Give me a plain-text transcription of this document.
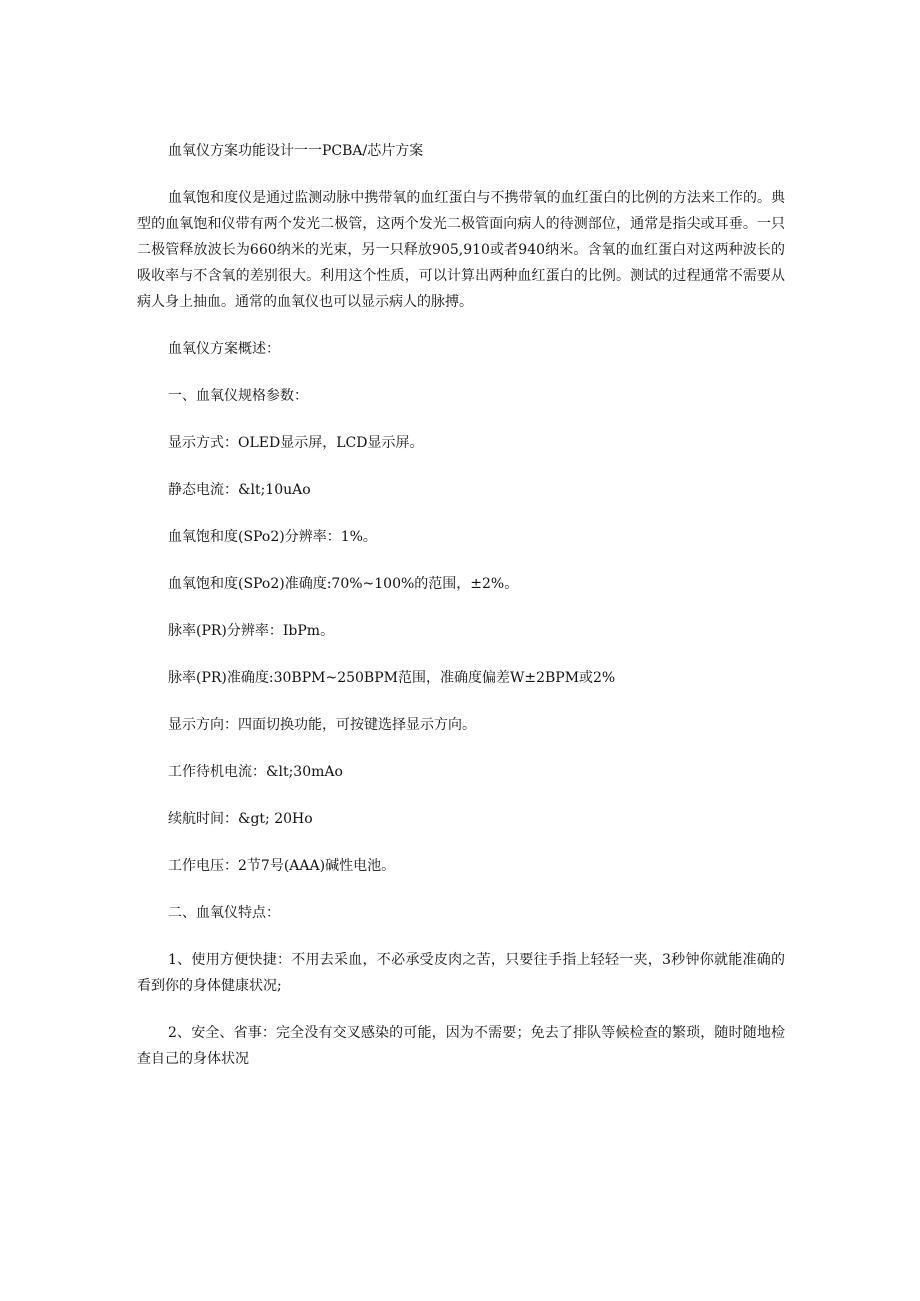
血氧仪方案功能设计一一PCBA/芯片方案

血氧饱和度仪是通过监测动脉中携带氧的血红蛋白与不携带氧的血红蛋白的比例的方法来工作的。典型的血氧饱和仪带有两个发光二极管，这两个发光二极管面向病人的待测部位，通常是指尖或耳垂。一只二极管释放波长为660纳米的光束，另一只释放905,910或者940纳米。含氧的血红蛋白对这两种波长的吸收率与不含氧的差别很大。利用这个性质，可以计算出两种血红蛋白的比例。测试的过程通常不需要从病人身上抽血。通常的血氧仪也可以显示病人的脉搏。

血氧仪方案概述：

一、血氧仪规格参数：

显示方式：OLED显示屏，LCD显示屏。

静态电流：&lt;10uAo

血氧饱和度(SPo2)分辨率：1%。

血氧饱和度(SPo2)准确度:70%~100%的范围，±2%。

脉率(PR)分辨率：IbPm。

脉率(PR)准确度:30BPM~250BPM范围，准确度偏差W±2BPM或2%

显示方向：四面切换功能，可按键选择显示方向。

工作待机电流：&lt;30mAo

续航时间：&gt; 20Ho

工作电压：2节7号(AAA)碱性电池。

二、血氧仪特点：

1、使用方便快捷：不用去采血，不必承受皮肉之苦，只要往手指上轻轻一夹，3秒钟你就能准确的看到你的身体健康状况;

2、安全、省事：完全没有交叉感染的可能，因为不需要；免去了排队等候检查的繁琐，随时随地检查自己的身体状况
